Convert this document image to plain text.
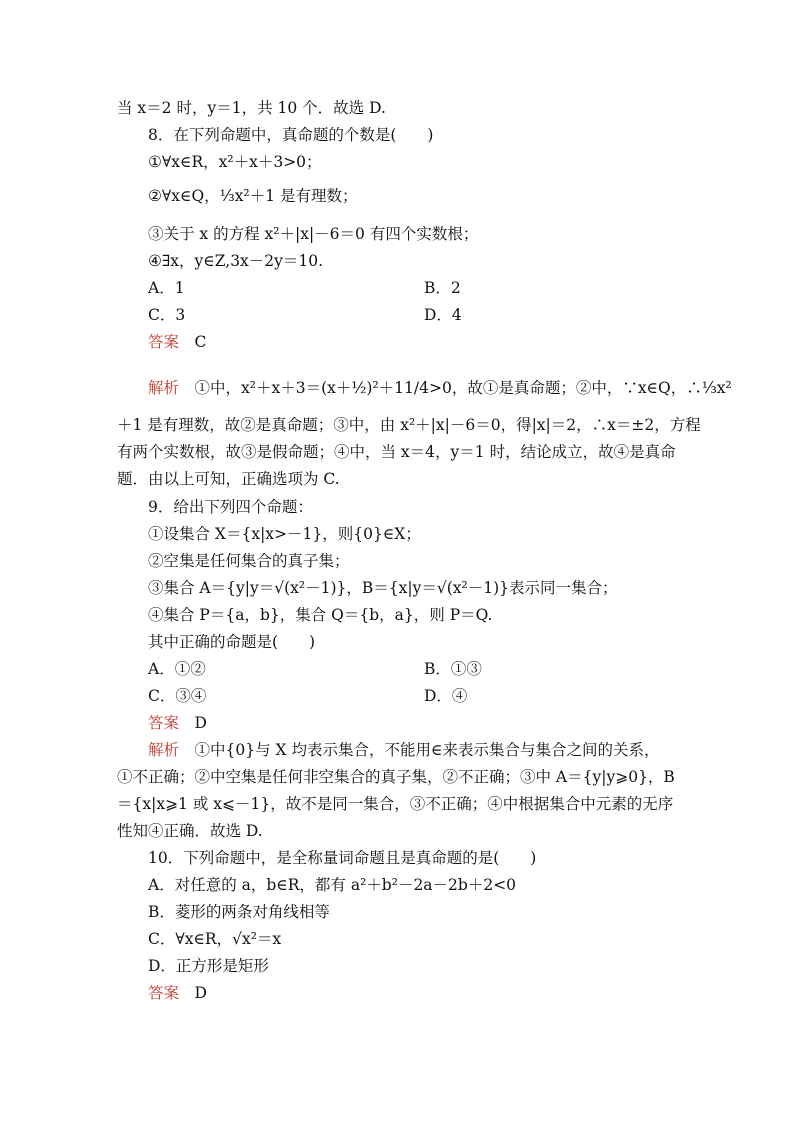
当 x＝2 时，y＝1，共 10 个．故选 D.
8．在下列命题中，真命题的个数是(　　)
①∀x∈R，x²＋x＋3>0；
②∀x∈Q，⅓x²＋1 是有理数；
③关于 x 的方程 x²＋|x|－6＝0 有四个实数根；
④∃x，y∈Z,3x－2y＝10.
A．1	B．2
C．3	D．4
答案　 C
解析　 ①中，x²＋x＋3＝(x＋½)²＋11/4>0，故①是真命题；②中，∵x∈Q，∴⅓x²
＋1 是有理数，故②是真命题；③中，由 x²＋|x|－6＝0，得|x|＝2，∴x＝±2，方程
有两个实数根，故③是假命题；④中，当 x＝4，y＝1 时，结论成立，故④是真命
题．由以上可知，正确选项为 C.
9．给出下列四个命题：
①设集合 X＝{x|x>－1}，则{0}∈X；
②空集是任何集合的真子集；
③集合 A＝{y|y＝√(x²－1)}，B＝{x|y＝√(x²－1)}表示同一集合；
④集合 P＝{a，b}，集合 Q＝{b，a}，则 P＝Q.
其中正确的命题是(　　)
A．①②	B．①③
C．③④	D．④
答案　 D
解析　 ①中{0}与 X 均表示集合，不能用∈来表示集合与集合之间的关系，
①不正确；②中空集是任何非空集合的真子集，②不正确；③中 A＝{y|y⩾0}，B
＝{x|x⩾1 或 x⩽－1}，故不是同一集合，③不正确；④中根据集合中元素的无序
性知④正确．故选 D.
10．下列命题中，是全称量词命题且是真命题的是(　　)
A．对任意的 a，b∈R，都有 a²＋b²－2a－2b＋2<0
B．菱形的两条对角线相等
C．∀x∈R，√x²＝x
D．正方形是矩形
答案　 D
